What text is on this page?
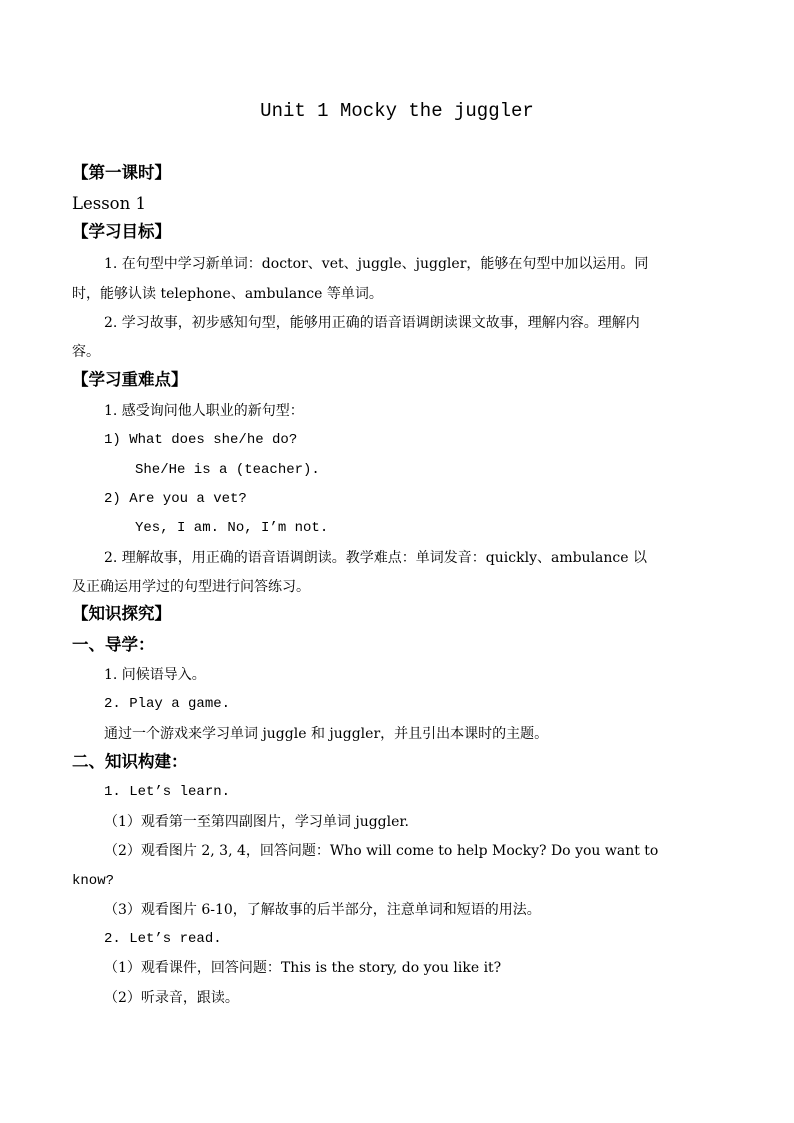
Unit 1 Mocky the juggler
【第一课时】
Lesson 1
【学习目标】
1. 在句型中学习新单词：doctor、vet、juggle、juggler，能够在句型中加以运用。同
时，能够认读 telephone、ambulance 等单词。
2. 学习故事，初步感知句型，能够用正确的语音语调朗读课文故事，理解内容。理解内
容。
【学习重难点】
1. 感受询问他人职业的新句型：
1) What does she/he do?
She/He is a (teacher).
2) Are you a vet?
Yes, I am. No, I’m not.
2. 理解故事，用正确的语音语调朗读。教学难点：单词发音：quickly、ambulance 以
及正确运用学过的句型进行问答练习。
【知识探究】
一、导学：
1. 问候语导入。
2. Play a game.
通过一个游戏来学习单词 juggle 和 juggler，并且引出本课时的主题。
二、知识构建：
1. Let’s learn.
（1）观看第一至第四副图片，学习单词 juggler.
（2）观看图片 2, 3, 4，回答问题：Who will come to help Mocky? Do you want to
know?
（3）观看图片 6-10，了解故事的后半部分，注意单词和短语的用法。
2. Let’s read.
（1）观看课件，回答问题：This is the story, do you like it?
（2）听录音，跟读。
